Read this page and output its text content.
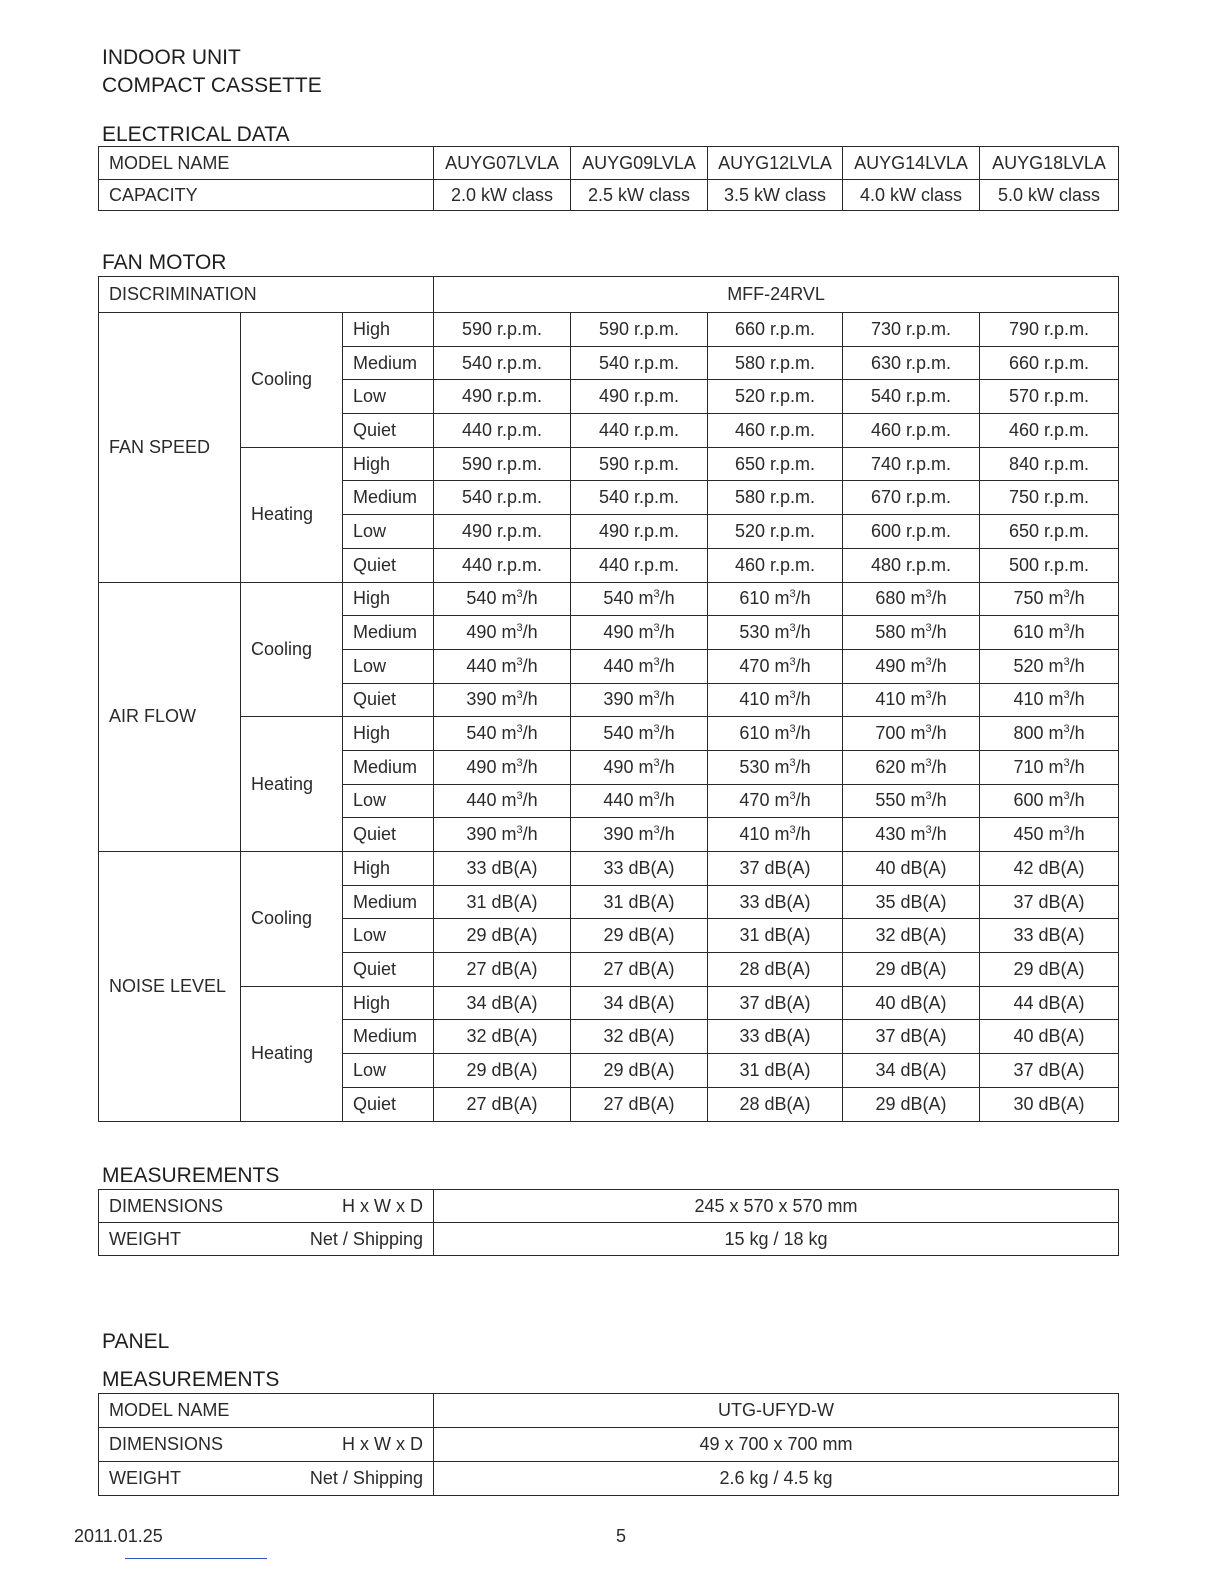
INDOOR UNIT
COMPACT CASSETTE
ELECTRICAL DATA
MODEL NAME	AUYG07LVLA	AUYG09LVLA	AUYG12LVLA	AUYG14LVLA	AUYG18LVLA
CAPACITY	2.0 kW class	2.5 kW class	3.5 kW class	4.0 kW class	5.0 kW class
FAN MOTOR
DISCRIMINATION			MFF-24RVL				
FAN SPEED	Cooling	High	590 r.p.m.	590 r.p.m.	660 r.p.m.	730 r.p.m.	790 r.p.m.
		Medium	540 r.p.m.	540 r.p.m.	580 r.p.m.	630 r.p.m.	660 r.p.m.
		Low	490 r.p.m.	490 r.p.m.	520 r.p.m.	540 r.p.m.	570 r.p.m.
		Quiet	440 r.p.m.	440 r.p.m.	460 r.p.m.	460 r.p.m.	460 r.p.m.
	Heating	High	590 r.p.m.	590 r.p.m.	650 r.p.m.	740 r.p.m.	840 r.p.m.
		Medium	540 r.p.m.	540 r.p.m.	580 r.p.m.	670 r.p.m.	750 r.p.m.
		Low	490 r.p.m.	490 r.p.m.	520 r.p.m.	600 r.p.m.	650 r.p.m.
		Quiet	440 r.p.m.	440 r.p.m.	460 r.p.m.	480 r.p.m.	500 r.p.m.
AIR FLOW	Cooling	High	540 $m^3/h$	540 $m^3/h$	610 $m^3/h$	680 $m^3/h$	750 $m^3/h$
		Medium	490 $m^3/h$	490 $m^3/h$	530 $m^3/h$	580 $m^3/h$	610 $m^3/h$
		Low	440 $m^3/h$	440 $m^3/h$	470 $m^3/h$	490 $m^3/h$	520 $m^3/h$
		Quiet	390 $m^3/h$	390 $m^3/h$	410 $m^3/h$	410 $m^3/h$	410 $m^3/h$
	Heating	High	540 $m^3/h$	540 $m^3/h$	610 $m^3/h$	700 $m^3/h$	800 $m^3/h$
		Medium	490 $m^3/h$	490 $m^3/h$	530 $m^3/h$	620 $m^3/h$	710 $m^3/h$
		Low	440 $m^3/h$	440 $m^3/h$	470 $m^3/h$	550 $m^3/h$	600 $m^3/h$
		Quiet	390 $m^3/h$	390 $m^3/h$	410 $m^3/h$	430 $m^3/h$	450 $m^3/h$
NOISE LEVEL	Cooling	High	33 dB(A)	33 dB(A)	37 dB(A)	40 dB(A)	42 dB(A)
		Medium	31 dB(A)	31 dB(A)	33 dB(A)	35 dB(A)	37 dB(A)
		Low	29 dB(A)	29 dB(A)	31 dB(A)	32 dB(A)	33 dB(A)
		Quiet	27 dB(A)	27 dB(A)	28 dB(A)	29 dB(A)	29 dB(A)
	Heating	High	34 dB(A)	34 dB(A)	37 dB(A)	40 dB(A)	44 dB(A)
		Medium	32 dB(A)	32 dB(A)	33 dB(A)	37 dB(A)	40 dB(A)
		Low	29 dB(A)	29 dB(A)	31 dB(A)	34 dB(A)	37 dB(A)
		Quiet	27 dB(A)	27 dB(A)	28 dB(A)	29 dB(A)	30 dB(A)
MEASUREMENTS
DIMENSIONS H x W x D	245 x 570 x 570 mm

WEIGHT Net / Shipping	15 kg / 18 kg
PANEL
MEASUREMENTS
MODEL NAME	UTG-UFYD-W

DIMENSIONS H x W x D	49 x 700 x 700 mm

WEIGHT Net / Shipping	2.6 kg / 4.5 kg
2011.01.25	5
